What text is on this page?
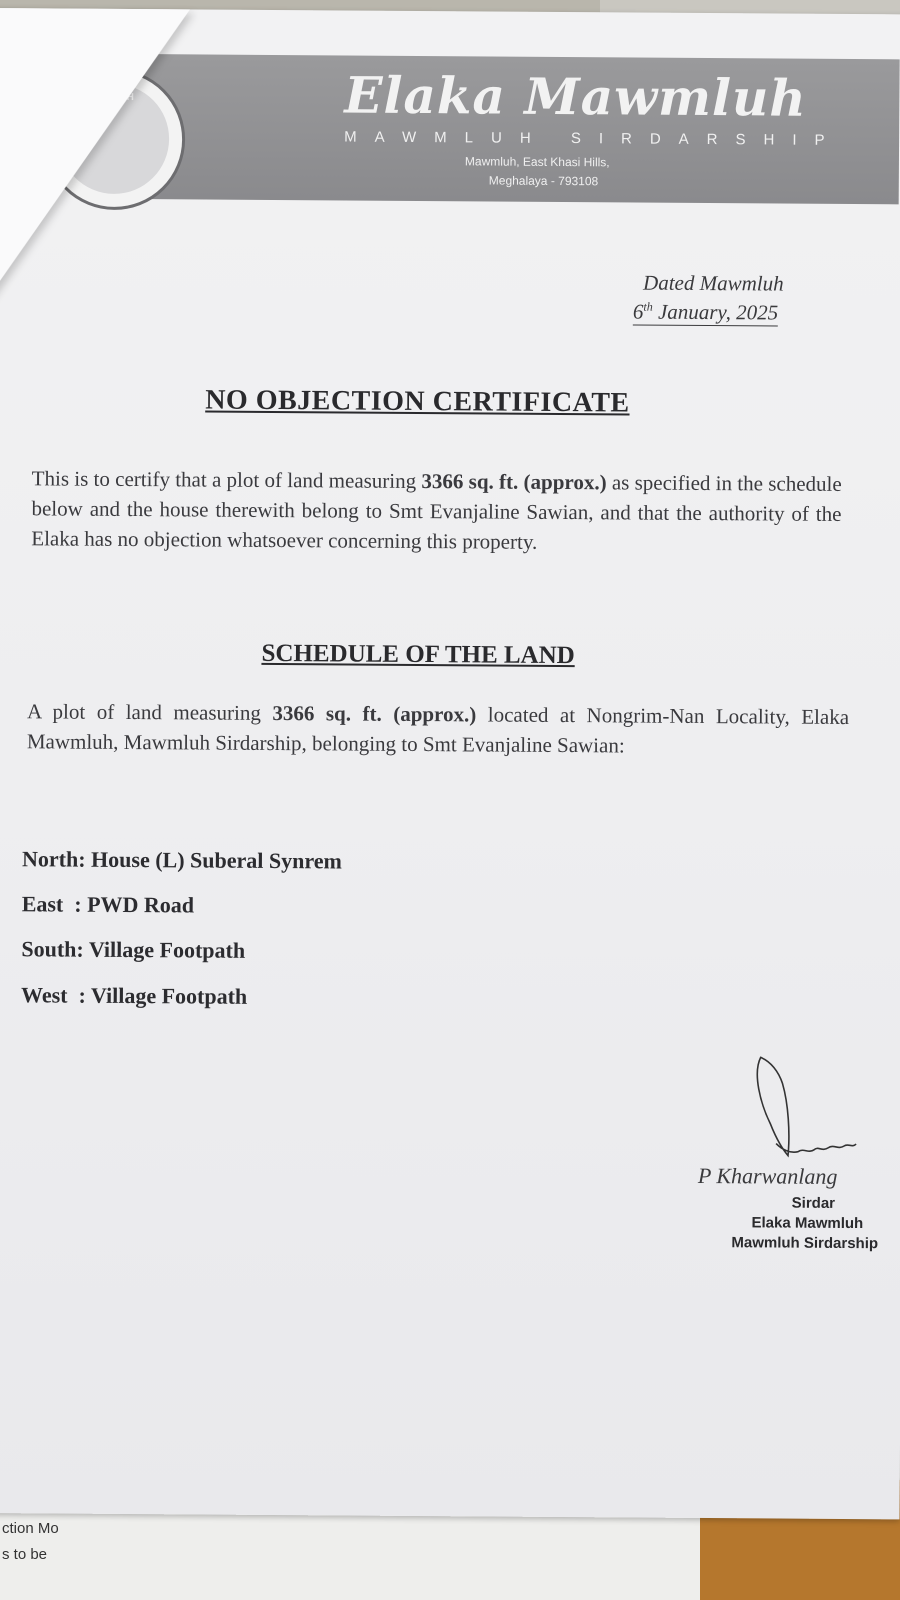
ction Mo
s to be
UH	Elaka Mawmluh
MAWMLUH SIRDARSHIP
Mawmluh, East Khasi Hills,
Meghalaya - 793108
Dated Mawmluh
6th January, 2025
NO OBJECTION CERTIFICATE
This is to certify that a plot of land measuring 3366 sq. ft. (approx.) as specified in the schedule below and the house therewith belong to Smt Evanjaline Sawian, and that the authority of the Elaka has no objection whatsoever concerning this property.
SCHEDULE OF THE LAND
A plot of land measuring 3366 sq. ft. (approx.) located at Nongrim-Nan Locality, Elaka Mawmluh, Mawmluh Sirdarship, belonging to Smt Evanjaline Sawian:
North: House (L) Suberal Synrem
East  : PWD Road
South: Village Footpath
West  : Village Footpath
P Kharwanlang
Sirdar
Elaka Mawmluh
Mawmluh Sirdarship
